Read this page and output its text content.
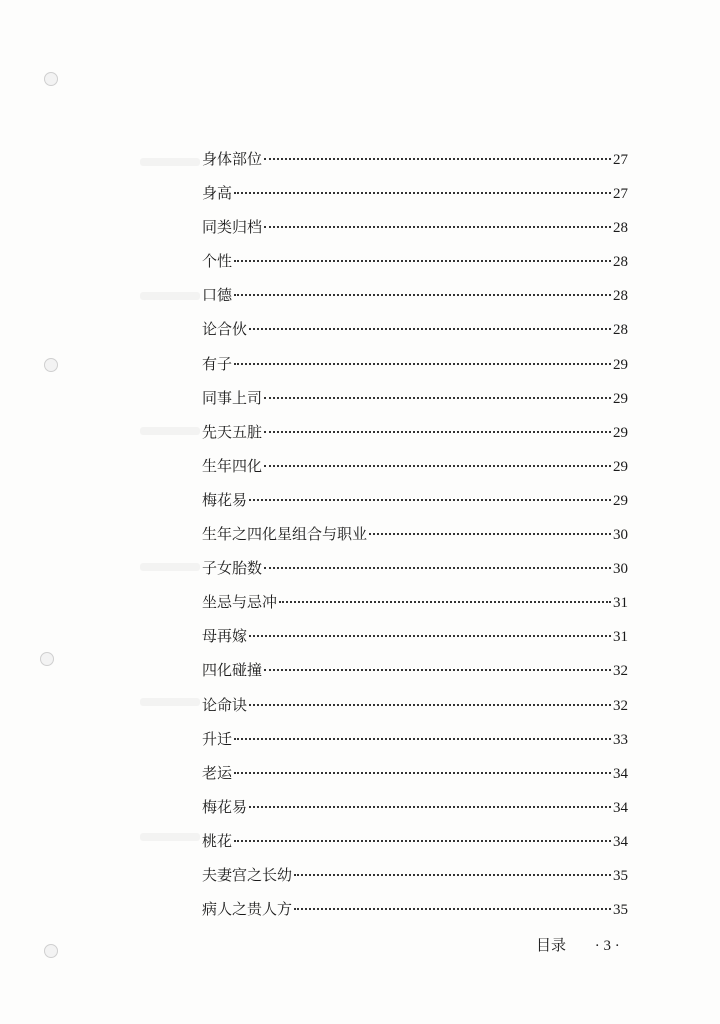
身体部位	27
身高	27
同类归档	28
个性	28
口德	28
论合伙	28
有子	29
同事上司	29
先天五脏	29
生年四化	29
梅花易	29
生年之四化星组合与职业	30
子女胎数	30
坐忌与忌冲	31
母再嫁	31
四化碰撞	32
论命诀	32
升迁	33
老运	34
梅花易	34
桃花	34
夫妻宫之长幼	35
病人之贵人方	35
目录 · 3 ·
